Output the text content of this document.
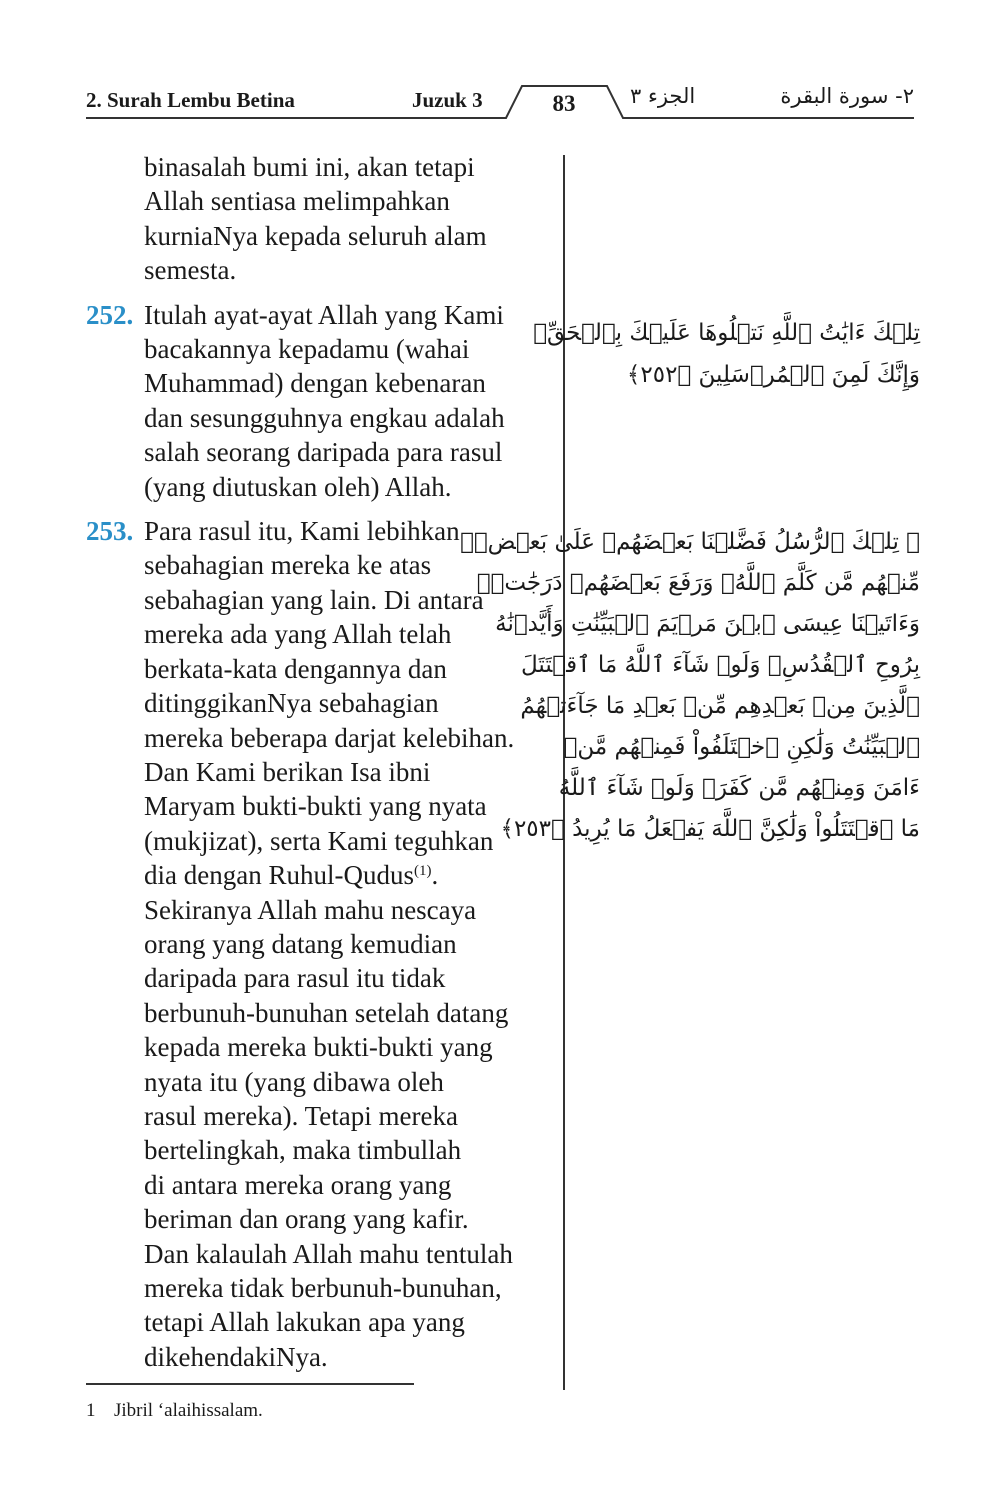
2. Surah Lembu Betina	Juzuk 3	83	الجزء ٣	٢- سورة البقرة
binasalah bumi ini, akan tetapi
Allah sentiasa melimpahkan
kurniaNya kepada seluruh alam
semesta.
252. Itulah ayat-ayat Allah yang Kami
bacakannya kepadamu (wahai
Muhammad) dengan kebenaran
dan sesungguhnya engkau adalah
salah seorang daripada para rasul
(yang diutuskan oleh) Allah.
253. Para rasul itu, Kami lebihkan
sebahagian mereka ke atas
sebahagian yang lain. Di antara
mereka ada yang Allah telah
berkata-kata dengannya dan
ditinggikanNya sebahagian
mereka beberapa darjat kelebihan.
Dan Kami berikan Isa ibni
Maryam bukti-bukti yang nyata
(mukjizat), serta Kami teguhkan
dia dengan Ruhul-Qudus$^{(1)}$.
Sekiranya Allah mahu nescaya
orang yang datang kemudian
daripada para rasul itu tidak
berbunuh-bunuhan setelah datang
kepada mereka bukti-bukti yang
nyata itu (yang dibawa oleh
rasul mereka). Tetapi mereka
bertelingkah, maka timbullah
di antara mereka orang yang
beriman dan orang yang kafir.
Dan kalaulah Allah mahu tentulah
mereka tidak berbunuh-bunuhan,
tetapi Allah lakukan apa yang
dikehendakiNya.
تِلۡكَ ءَايَٰتُ ٱللَّهِ نَتۡلُوهَا عَلَيۡكَ بِٱلۡحَقِّۚ
وَإِنَّكَ لَمِنَ ٱلۡمُرۡسَلِينَ ﴿٢٥٢﴾
۞ تِلۡكَ ٱلرُّسُلُ فَضَّلۡنَا بَعۡضَهُمۡ عَلَىٰ بَعۡضٖۘ
مِّنۡهُم مَّن كَلَّمَ ٱللَّهُۖ وَرَفَعَ بَعۡضَهُمۡ دَرَجَٰتٖۚ
وَءَاتَيۡنَا عِيسَى ٱبۡنَ مَرۡيَمَ ٱلۡبَيِّنَٰتِ وَأَيَّدۡنَٰهُ
بِرُوحِ ٱلۡقُدُسِۗ وَلَوۡ شَآءَ ٱللَّهُ مَا ٱقۡتَتَلَ
ٱلَّذِينَ مِنۢ بَعۡدِهِم مِّنۢ بَعۡدِ مَا جَآءَتۡهُمُ
ٱلۡبَيِّنَٰتُ وَلَٰكِنِ ٱخۡتَلَفُواْ فَمِنۡهُم مَّنۡ
ءَامَنَ وَمِنۡهُم مَّن كَفَرَۚ وَلَوۡ شَآءَ ٱللَّهُ
مَا ٱقۡتَتَلُواْ وَلَٰكِنَّ ٱللَّهَ يَفۡعَلُ مَا يُرِيدُ ﴿٢٥٣﴾
1 Jibril ‘alaihissalam.
